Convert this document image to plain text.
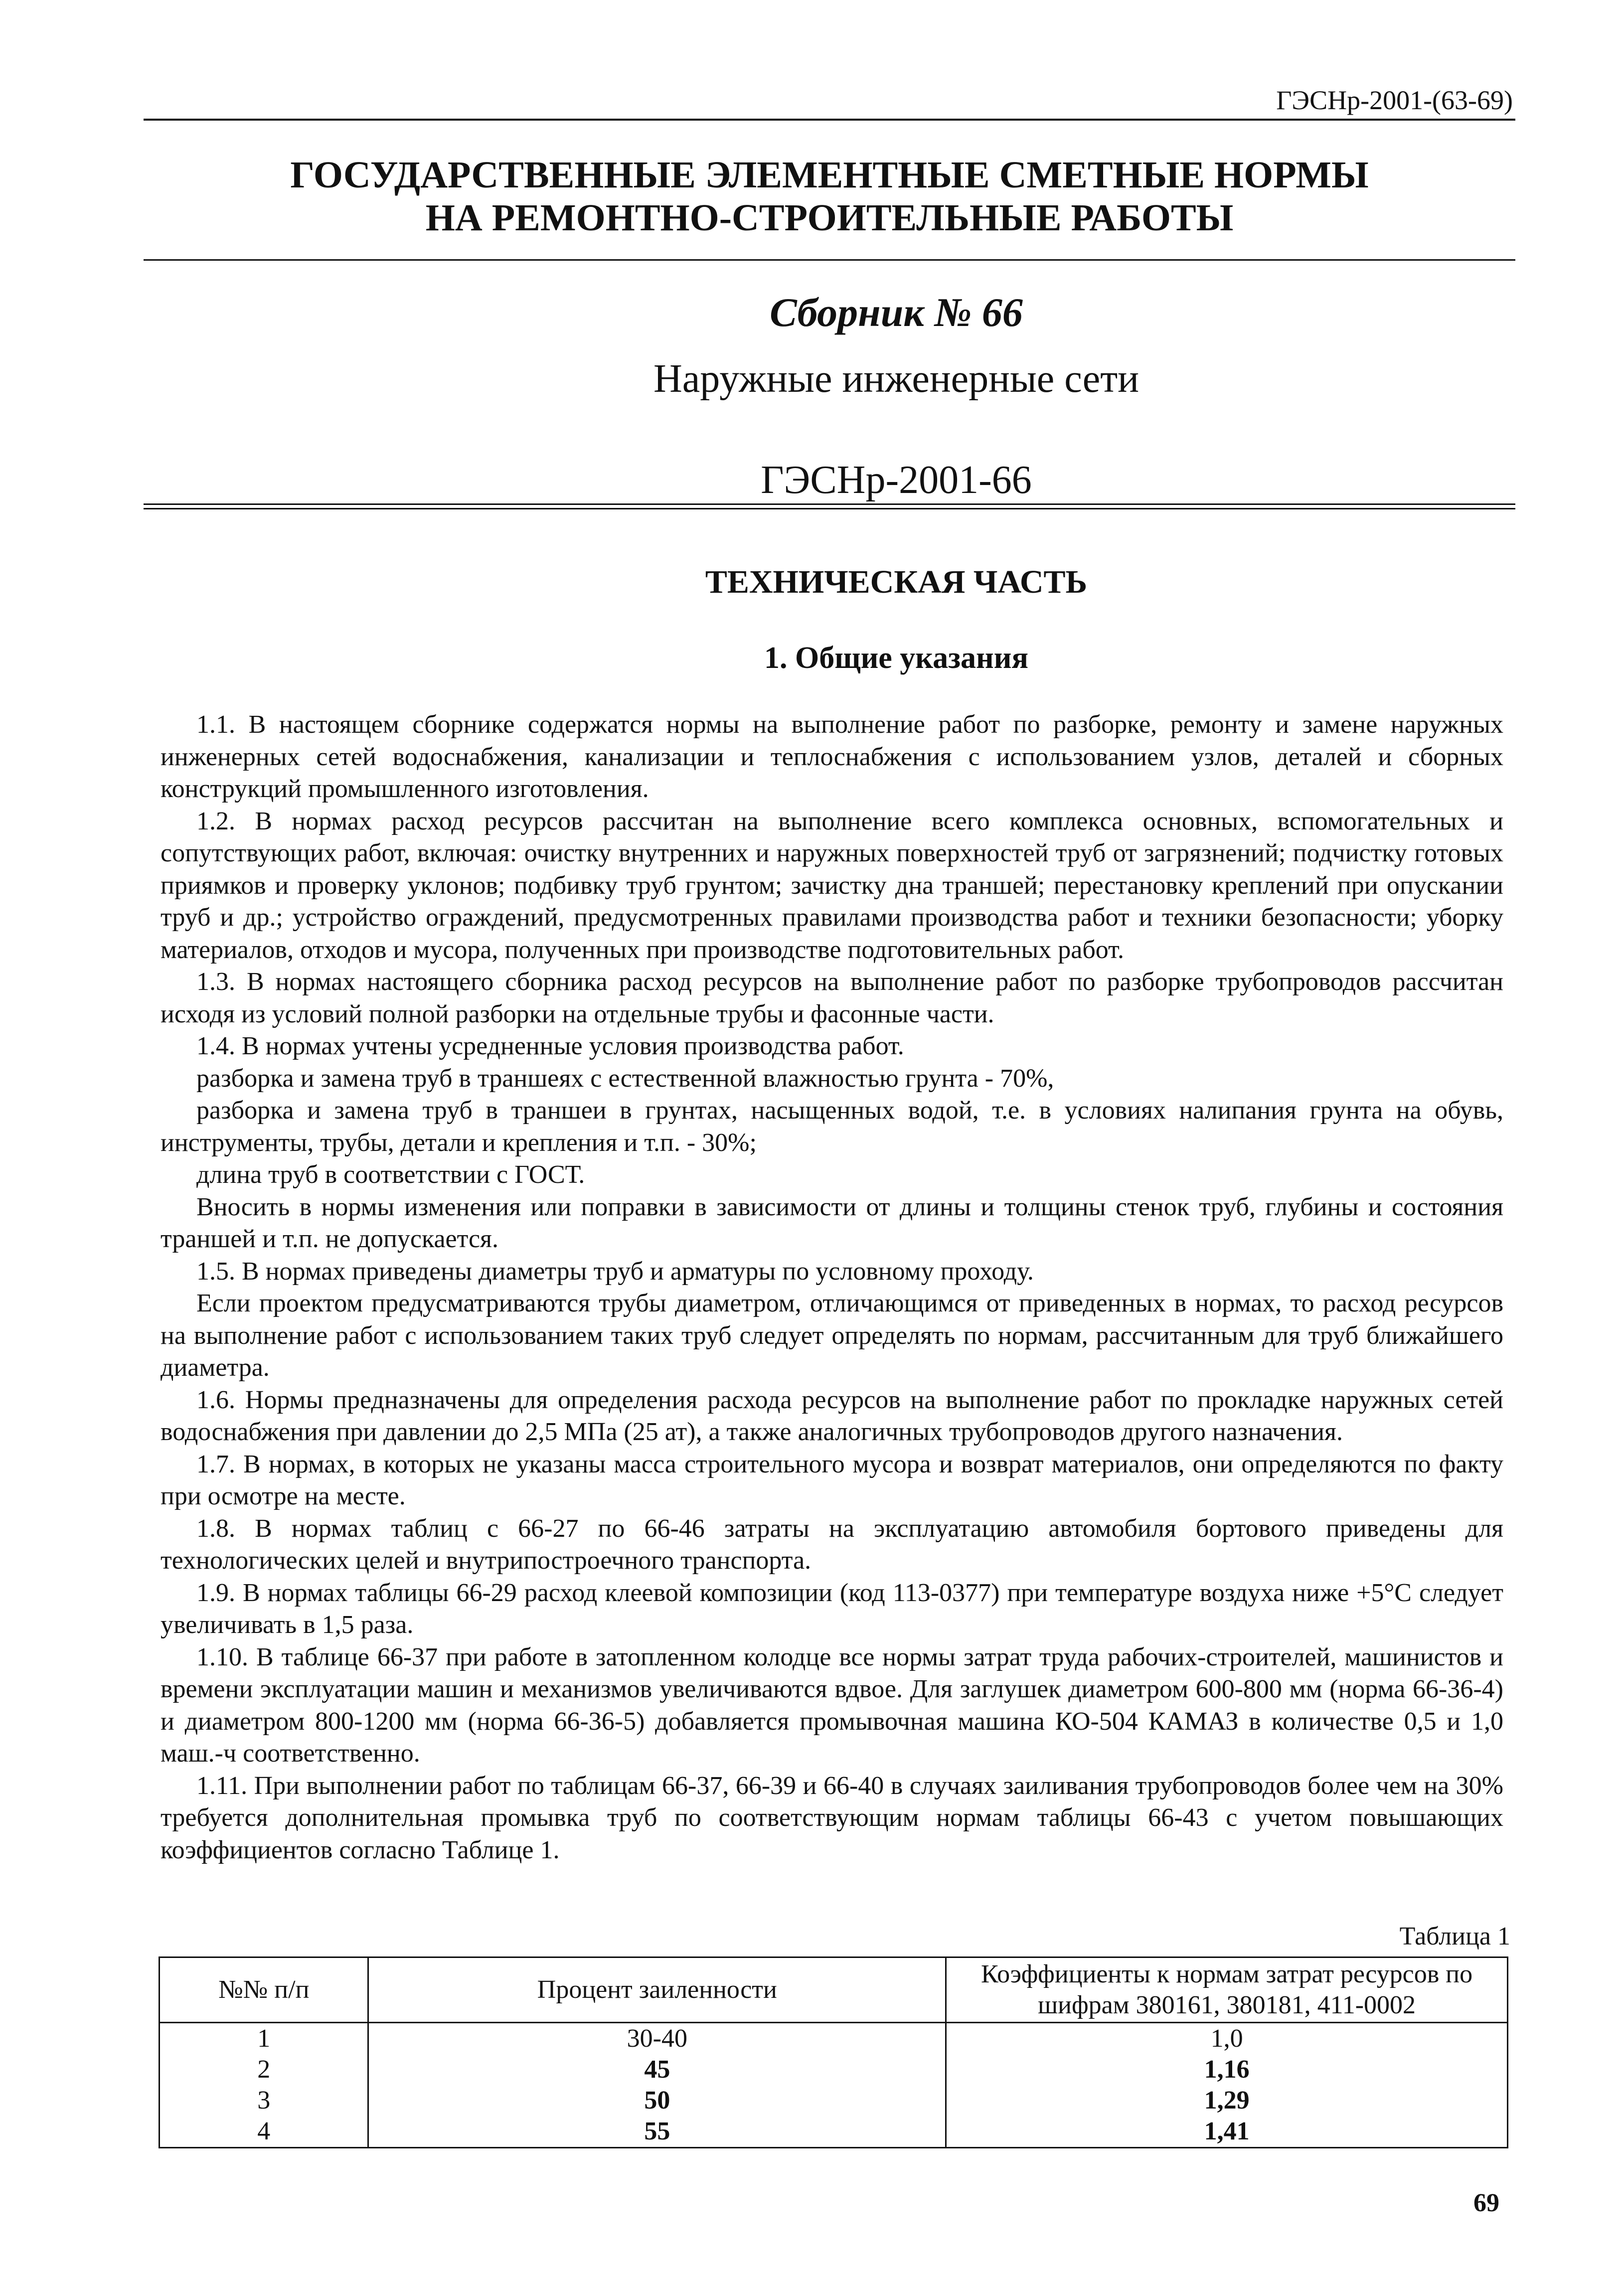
ГЭСНр-2001-(63-69)
ГОСУДАРСТВЕННЫЕ ЭЛЕМЕНТНЫЕ СМЕТНЫЕ НОРМЫ
НА РЕМОНТНО-СТРОИТЕЛЬНЫЕ РАБОТЫ
Сборник № 66
Наружные инженерные сети
ГЭСНр-2001-66
ТЕХНИЧЕСКАЯ ЧАСТЬ
1. Общие указания

1.1. В настоящем сборнике содержатся нормы на выполнение работ по разборке, ремонту и замене наружных инженерных сетей водоснабжения, канализации и теплоснабжения с использованием узлов, деталей и сборных конструкций промышленного изготовления.

1.2. В нормах расход ресурсов рассчитан на выполнение всего комплекса основных, вспомогательных и сопутствующих работ, включая: очистку внутренних и наружных поверхностей труб от загрязнений; подчистку готовых приямков и проверку уклонов; подбивку труб грунтом; зачистку дна траншей; перестановку креплений при опускании труб и др.; устройство ограждений, предусмотренных правилами производства работ и техники безопасности; уборку материалов, отходов и мусора, полученных при производстве подготовительных работ.

1.3. В нормах настоящего сборника расход ресурсов на выполнение работ по разборке трубопроводов рассчитан исходя из условий полной разборки на отдельные трубы и фасонные части.

1.4. В нормах учтены усредненные условия производства работ.

разборка и замена труб в траншеях с естественной влажностью грунта - 70%,

разборка и замена труб в траншеи в грунтах, насыщенных водой, т.е. в условиях налипания грунта на обувь, инструменты, трубы, детали и крепления и т.п. - 30%;

длина труб в соответствии с ГОСТ.

Вносить в нормы изменения или поправки в зависимости от длины и толщины стенок труб, глубины и состояния траншей и т.п. не допускается.

1.5. В нормах приведены диаметры труб и арматуры по условному проходу.

Если проектом предусматриваются трубы диаметром, отличающимся от приведенных в нормах, то расход ресурсов на выполнение работ с использованием таких труб следует определять по нормам, рассчитанным для труб ближайшего диаметра.

1.6. Нормы предназначены для определения расхода ресурсов на выполнение работ по прокладке наружных сетей водоснабжения при давлении до 2,5 МПа (25 ат), а также аналогичных трубопроводов другого назначения.

1.7. В нормах, в которых не указаны масса строительного мусора и возврат материалов, они определяются по факту при осмотре на месте.

1.8. В нормах таблиц с 66-27 по 66-46 затраты на эксплуатацию автомобиля бортового приведены для технологических целей и внутрипостроечного транспорта.

1.9. В нормах таблицы 66-29 расход клеевой композиции (код 113-0377) при температуре воздуха ниже +5°C следует увеличивать в 1,5 раза.

1.10. В таблице 66-37 при работе в затопленном колодце все нормы затрат труда рабочих-строителей, машинистов и времени эксплуатации машин и механизмов увеличиваются вдвое. Для заглушек диаметром 600-800 мм (норма 66-36-4) и диаметром 800-1200 мм (норма 66-36-5) добавляется промывочная машина КО-504 КАМАЗ в количестве 0,5 и 1,0 маш.-ч соответственно.

1.11. При выполнении работ по таблицам 66-37, 66-39 и 66-40 в случаях заиливания трубопроводов более чем на 30% требуется дополнительная промывка труб по соответствующим нормам таблицы 66-43 с учетом повышающих коэффициентов согласно Таблице 1.

Таблица 1
№№ п/п	Процент заиленности	Коэффициенты к нормам затрат ресурсов по шифрам 380161, 380181, 411-0002
1	30-40	1,0
2	45	1,16
3	50	1,29
4	55	1,41
69
